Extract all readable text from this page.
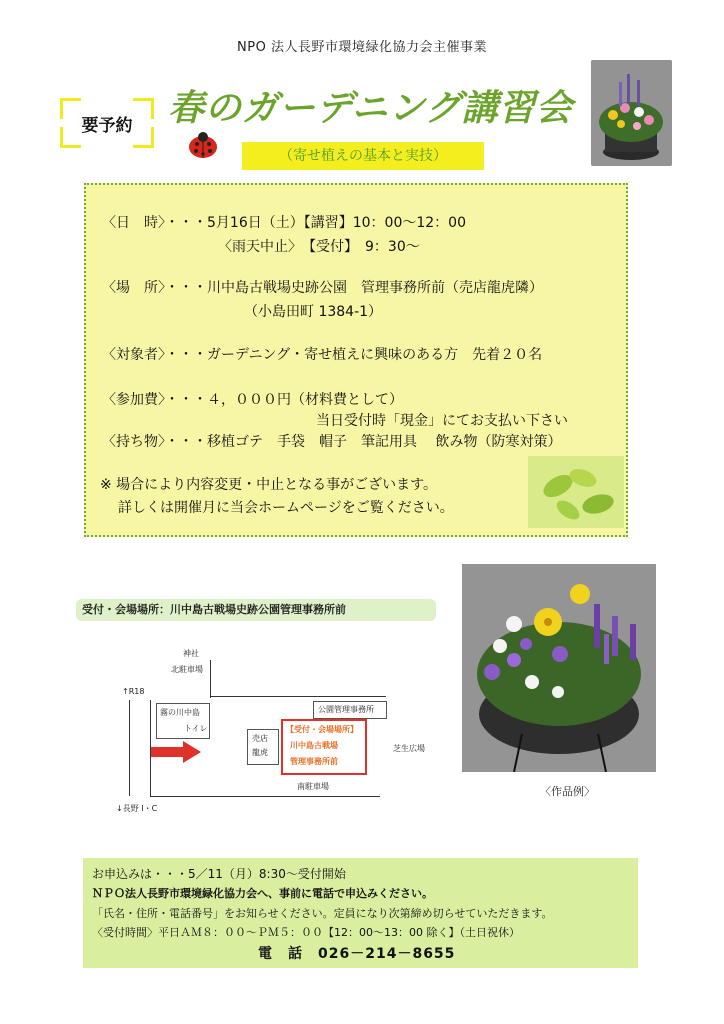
NPO 法人長野市環境緑化協力会主催事業
要予約 春のガーデニング講習会
（寄せ植えの基本と実技）
〈日　時〉・・・5月16日（土）【講習】10：00～12：00
〈雨天中止〉　【受付】　9：30～
〈場　所〉・・・川中島古戦場史跡公園　管理事務所前（売店龍虎隣）
（小島田町 1384-1）
〈対象者〉・・・ガーデニング・寄せ植えに興味のある方　先着２０名
〈参加費〉・・・４，０００円（材料費として）
当日受付時「現金」にてお支払い下さい
〈持ち物〉・・・移植ゴテ　手袋　帽子　筆記用具　 飲み物（防寒対策）
※ 場合により内容変更・中止となる事がございます。
詳しくは開催月に当会ホームページをご覧ください。
受付・会場場所：川中島古戦場史跡公園管理事務所前
神社
北駐車場
↑R18
↓長野 I・C
霧の川中島
トイレ
公園管理事務所
売店
龍虎
【受付・会場場所】
川中島古戦場
管理事務所前
芝生広場
南駐車場	〈作品例〉
お申込みは・・・5／11（月）8:30～受付開始
ＮＰＯ法人長野市環境緑化協力会へ、事前に電話で申込みください。
「氏名・住所・電話番号」をお知らせください。定員になり次第締め切らせていただきます。
〈受付時間〉平日ＡＭ８：００～ＰＭ５：００【12：00～13：00 除く】（土日祝休）
電　話　026－214－8655
